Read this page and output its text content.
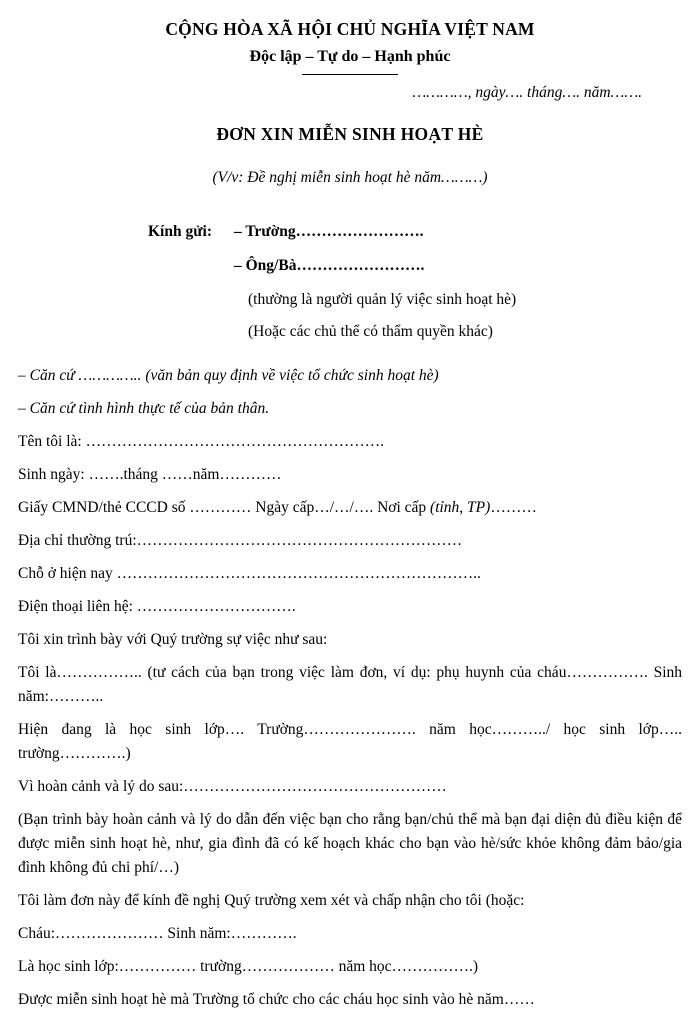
CỘNG HÒA XÃ HỘI CHỦ NGHĨA VIỆT NAM
Độc lập – Tự do – Hạnh phúc
…………, ngày…. tháng…. năm…….
ĐƠN XIN MIỄN SINH HOẠT HÈ
(V/v: Đề nghị miễn sinh hoạt hè năm………)
Kính gửi:	– Trường…………………….
– Ông/Bà…………………….
(thường là người quản lý việc sinh hoạt hè)
(Hoặc các chủ thể có thẩm quyền khác)

– Căn cứ ………….. (văn bản quy định về việc tổ chức sinh hoạt hè)

– Căn cứ tình hình thực tế của bản thân.

Tên tôi là: ………………………………………………….

Sinh ngày: …….tháng ……năm…………

Giấy CMND/thẻ CCCD số ………… Ngày cấp…/…/…. Nơi cấp (tỉnh, TP)………

Địa chỉ thường trú:………………………………………………………

Chỗ ở hiện nay ……………………………………………………………..

Điện thoại liên hệ: ………………………….

Tôi xin trình bày với Quý trường sự việc như sau:

Tôi là…………….. (tư cách của bạn trong việc làm đơn, ví dụ: phụ huynh của cháu……………. Sinh năm:………..

Hiện đang là học sinh lớp…. Trường…………………. năm học………../ học sinh lớp….. trường………….)

Vì hoàn cảnh và lý do sau:……………………………………………

(Bạn trình bày hoàn cảnh và lý do dẫn đến việc bạn cho rằng bạn/chủ thể mà bạn đại diện đủ điều kiện để được miễn sinh hoạt hè, như, gia đình đã có kế hoạch khác cho bạn vào hè/sức khỏe không đảm bảo/gia đình không đủ chi phí/…)

Tôi làm đơn này để kính đề nghị Quý trường xem xét và chấp nhận cho tôi (hoặc:

Cháu:………………… Sinh năm:………….

Là học sinh lớp:…………… trường……………… năm học…………….)

Được miễn sinh hoạt hè mà Trường tổ chức cho các cháu học sinh vào hè năm……
